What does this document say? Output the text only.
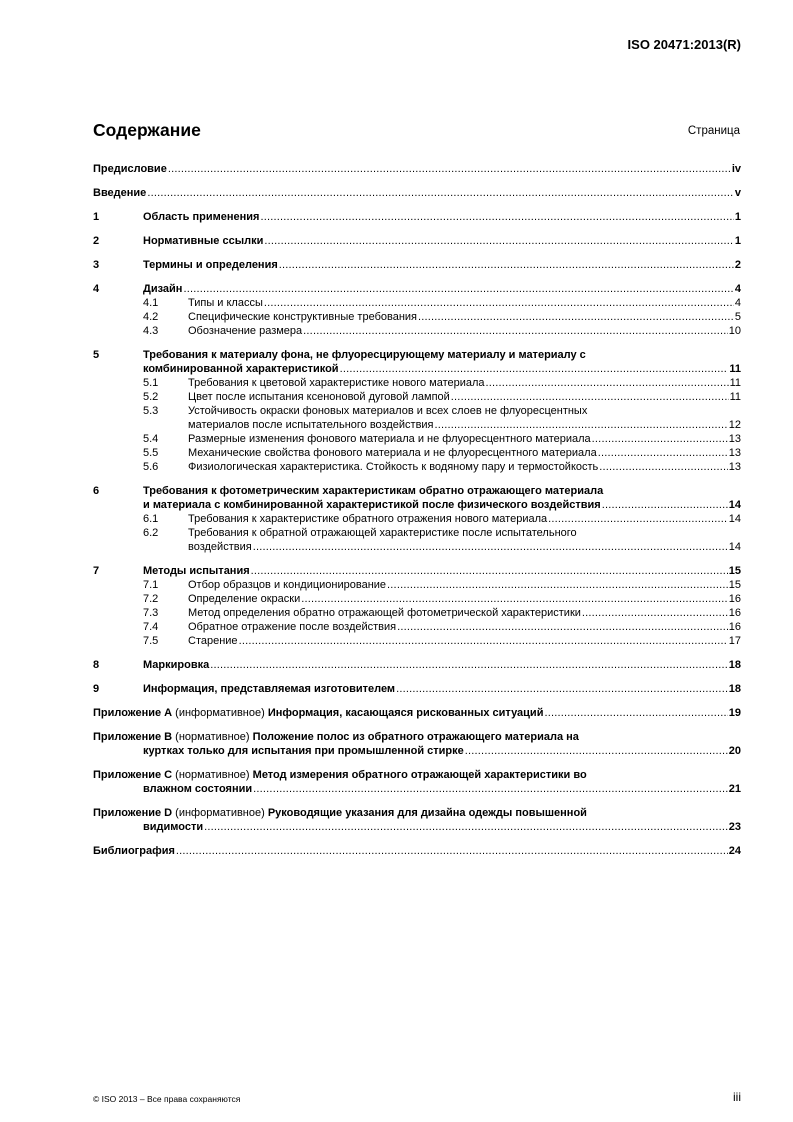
ISO 20471:2013(R)
Содержание	Страница
Предисловие .....	iv
Введение .....	v
1	Область применения .....	1
2	Нормативные ссылки .....	1
3	Термины и определения .....	2
4	Дизайн .....	4
4.1	Типы и классы .....	4
4.2	Специфические конструктивные требования .....	5
4.3	Обозначение размера .....	10
5	Требования к материалу фона, не флуоресцирующему материалу и материалу с
комбинированной характеристикой .....	11
5.1	Требования к цветовой характеристике нового материала .....	11
5.2	Цвет после испытания ксеноновой дуговой лампой .....	11
5.3	Устойчивость окраски фоновых материалов и всех слоев не флуоресцентных
материалов после испытательного воздействия .....	12
5.4	Размерные изменения фонового материала и не флуоресцентного материала .....	13
5.5	Механические свойства фонового материала и не флуоресцентного материала .....	13
5.6	Физиологическая характеристика. Стойкость к водяному пару и термостойкость .....	13
6	Требования к фотометрическим характеристикам обратно отражающего материала
и материала с комбинированной характеристикой после физического воздействия .....	14
6.1	Требования к характеристике обратного отражения нового материала .....	14
6.2	Требования к обратной отражающей характеристике после испытательного
воздействия .....	14
7	Методы испытания .....	15
7.1	Отбор образцов и кондиционирование .....	15
7.2	Определение окраски .....	16
7.3	Метод определения обратно отражающей фотометрической характеристики .....	16
7.4	Обратное отражение после воздействия .....	16
7.5	Старение .....	17
8	Маркировка .....	18
9	Информация, представляемая изготовителем .....	18
Приложение А (информативное) Информация, касающаяся рискованных ситуаций .....	19
Приложение В (нормативное) Положение полос из обратного отражающего материала на
куртках только для испытания при промышленной стирке .....	20
Приложение С (нормативное) Метод измерения обратного отражающей характеристики во
влажном состоянии .....	21
Приложение D (информативное) Руководящие указания для дизайна одежды повышенной
видимости .....	23
Библиография .....	24
© ISO 2013 – Все права сохраняются	iii
